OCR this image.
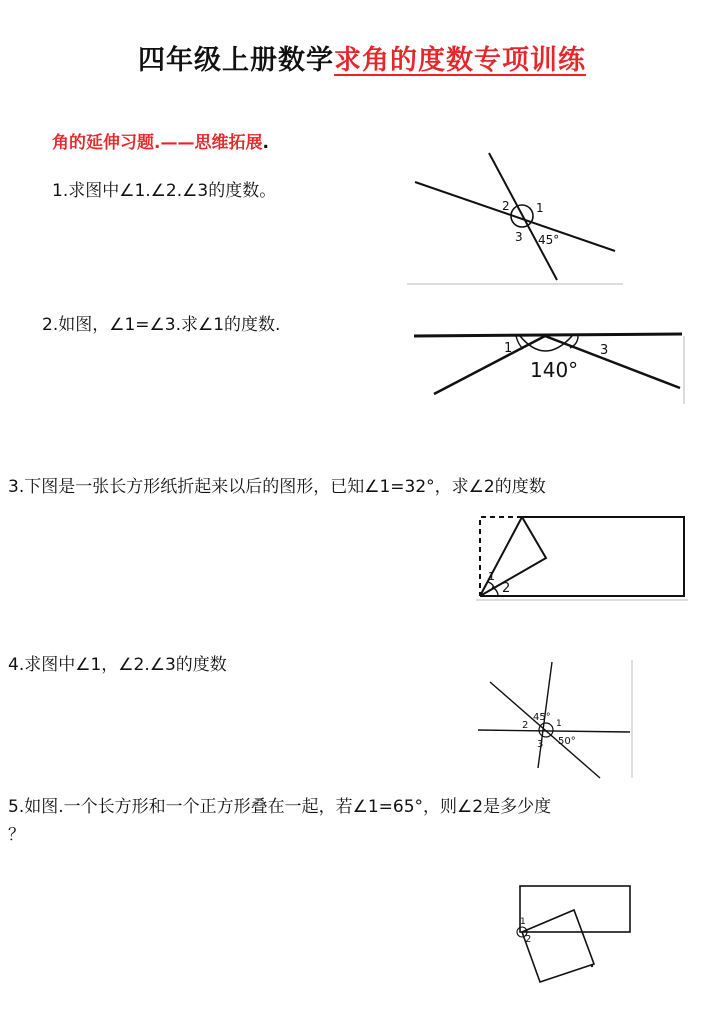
四年级上册数学求角的度数专项训练
角的延伸习题.——思维拓展.
1.求图中∠1.∠2.∠3的度数。
2 1
3 45°
2.如图，∠1=∠3.求∠1的度数.
1	3
140°
3.下图是一张长方形纸折起来以后的图形，已知∠1=32°，求∠2的度数
1
2
4.求图中∠1，∠2.∠3的度数
45°
1
2
3 50°
5.如图.一个长方形和一个正方形叠在一起，若∠1=65°，则∠2是多少度
？
1
2
